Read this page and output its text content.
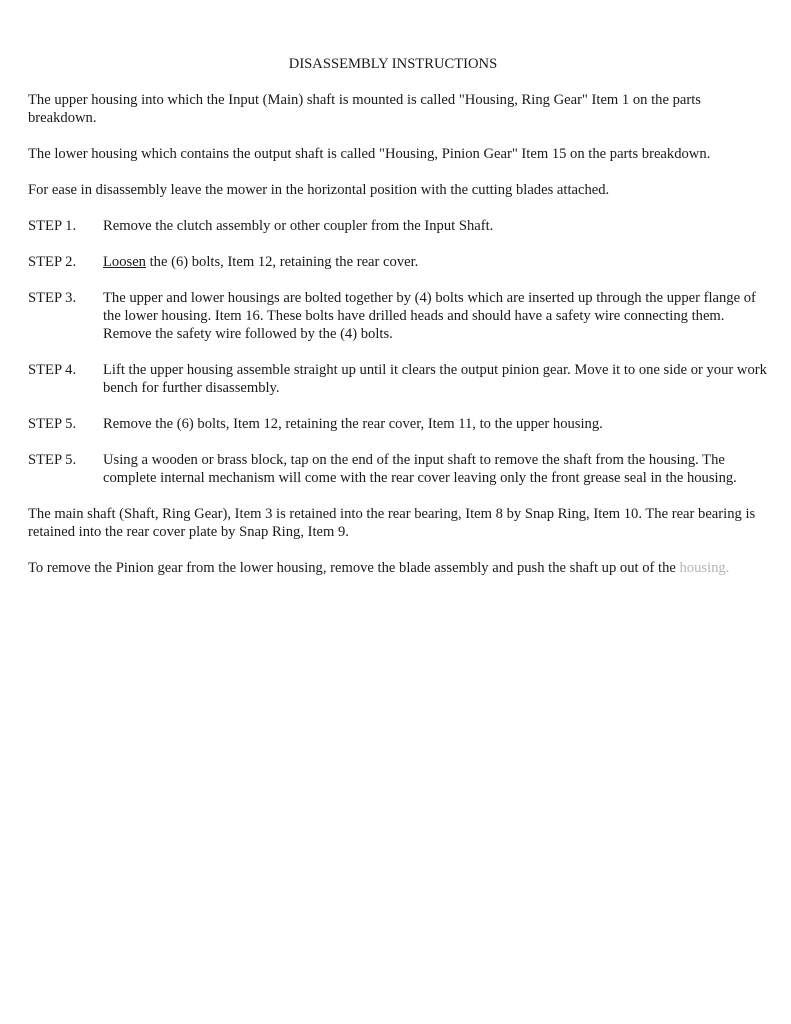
DISASSEMBLY INSTRUCTIONS
The upper housing into which the Input (Main) shaft is mounted is called "Housing, Ring Gear" Item 1 on the parts breakdown.
The lower housing which contains the output shaft is called "Housing, Pinion Gear" Item 15 on the parts breakdown.
For ease in disassembly leave the mower in the horizontal position with the cutting blades attached.
STEP 1.	Remove the clutch assembly or other coupler from the Input Shaft.
STEP 2.	Loosen the (6) bolts, Item 12, retaining the rear cover.
STEP 3.	The upper and lower housings are bolted together by (4) bolts which are inserted up through the upper flange of the lower housing. Item 16. These bolts have drilled heads and should have a safety wire connecting them. Remove the safety wire followed by the (4) bolts.
STEP 4.	Lift the upper housing assemble straight up until it clears the output pinion gear. Move it to one side or your work bench for further disassembly.
STEP 5.	Remove the (6) bolts, Item 12, retaining the rear cover, Item 11, to the upper housing.
STEP 5.	Using a wooden or brass block, tap on the end of the input shaft to remove the shaft from the housing. The complete internal mechanism will come with the rear cover leaving only the front grease seal in the housing.
The main shaft (Shaft, Ring Gear), Item 3 is retained into the rear bearing, Item 8 by Snap Ring, Item 10. The rear bearing is retained into the rear cover plate by Snap Ring, Item 9.
To remove the Pinion gear from the lower housing, remove the blade assembly and push the shaft up out of the housing.
